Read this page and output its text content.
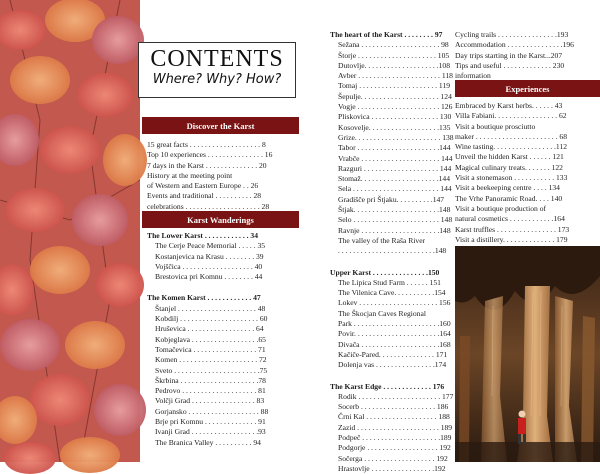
CONTENTS
Where? Why? How?
Discover the Karst
15 great facts . . . . . . . . . . . . . . . . . . . 8
Top 10 experiences . . . . . . . . . . . . . . . 16
7 days in the Karst . . . . . . . . . . . . . . 20
History at the meeting point
of Western and Eastern Europe . . 26
Events and traditional . . . . . . . . . . 28
celebrations . . . . . . . . . . . . . . . . . . . . 28
Karst Wanderings
The Lower Karst . . . . . . . . . . . . 34
The Cerje Peace Memorial . . . . . 35
Kostanjevica na Krasu . . . . . . . . 39
Vojščica . . . . . . . . . . . . . . . . . . . 40
Brestovica pri Komnu . . . . . . . . 44
The Komen Karst . . . . . . . . . . . . 47
Štanjel . . . . . . . . . . . . . . . . . . . . . 48
Kobdilj . . . . . . . . . . . . . . . . . . . . . 60
Hruševica . . . . . . . . . . . . . . . . . . 64
Kobjeglava . . . . . . . . . . . . . . . . . .65
Tomačevica . . . . . . . . . . . . . . . . . 71
Komen . . . . . . . . . . . . . . . . . . . . . 72
Sveto . . . . . . . . . . . . . . . . . . . . . . .75
Škrbina . . . . . . . . . . . . . . . . . . . . .78
Pedrovo . . . . . . . . . . . . . . . . . . . . 81
Volčji Grad . . . . . . . . . . . . . . . . . 83
Gorjansko . . . . . . . . . . . . . . . . . . . 88
Brje pri Komnu . . . . . . . . . . . . . . 91
Ivanji Grad . . . . . . . . . . . . . . . . . .93
The Branica Valley . . . . . . . . . . 94
The heart of the Karst . . . . . . . . 97
Sežana . . . . . . . . . . . . . . . . . . . . . 98
Štorje . . . . . . . . . . . . . . . . . . . . . 105
Dutovlje. . . . . . . . . . . . . . . . . . . .108
Avber . . . . . . . . . . . . . . . . . . . . . . 118
Tomaj . . . . . . . . . . . . . . . . . . . . . 119
Šepulje. . . . . . . . . . . . . . . . . . . . . 124
Vogje . . . . . . . . . . . . . . . . . . . . . . 126
Pliskovica . . . . . . . . . . . . . . . . . . 130
Kosovelje. . . . . . . . . . . . . . . . . . .135
Grize. . . . . . . . . . . . . . . . . . . . . . . 138
Tabor . . . . . . . . . . . . . . . . . . . . . .144
Vrabče . . . . . . . . . . . . . . . . . . . . . 144
Razguri . . . . . . . . . . . . . . . . . . . . 144
Stomaž. . . . . . . . . . . . . . . . . . . . .144
Sela . . . . . . . . . . . . . . . . . . . . . . . 144
Gradišče pri Štjaku. . . . . . . . . .147
Štjak. . . . . . . . . . . . . . . . . . . . . . .148
Selo . . . . . . . . . . . . . . . . . . . . . . . 148
Ravnje . . . . . . . . . . . . . . . . . . . . .148
The valley of the Raša River
. . . . . . . . . . . . . . . . . . . . . . . . . .148
Upper Karst . . . . . . . . . . . . . . .150
The Lipica Stud Farm . . . . . . 151
The Vilenica Cave. . . . . . . . . . .154
Lokev . . . . . . . . . . . . . . . . . . . . . 156
The Škocjan Caves Regional
Park . . . . . . . . . . . . . . . . . . . . . . .160
Povir. . . . . . . . . . . . . . . . . . . . . . .164
Divača . . . . . . . . . . . . . . . . . . . . .168
Kačiče-Pared. . . . . . . . . . . . . . . 171
Dolenja vas . . . . . . . . . . . . . . . .174
The Karst Edge . . . . . . . . . . . . . 176
Rodik . . . . . . . . . . . . . . . . . . . . . . 177
Socerb . . . . . . . . . . . . . . . . . . . . 186
Črni Kal . . . . . . . . . . . . . . . . . . . 188
Zazid . . . . . . . . . . . . . . . . . . . . . . 189
Podpeč . . . . . . . . . . . . . . . . . . . . .189
Podgorje . . . . . . . . . . . . . . . . . . . 192
Sočerga . . . . . . . . . . . . . . . . . . . 192
Hrastovlje . . . . . . . . . . . . . . . . .192
Cycling trails . . . . . . . . . . . . . . . .193
Accommodation . . . . . . . . . . . . . . .196
Day trips starting in the Karst...207
Tips and useful . . . . . . . . . . . . . 230
information
Experiences
Embraced by Karst herbs. . . . . . 43
Villa Fabiani. . . . . . . . . . . . . . . . . 62
Visit a boutique prosciutto
maker . . . . . . . . . . . . . . . . . . . . . . 68
Wine tasting. . . . . . . . . . . . . . . . .112
Unveil the hidden Karst . . . . . . 121
Magical culinary treats. . . . . . . 122
Visit a stonemason . . . . . . . . . . . 133
Visit a beekeeping centre . . . . 134
The Vrhe Panoramic Road. . . . 140
Visit a boutique production of
natural cosmetics . . . . . . . . . . . .164
Karst truffles . . . . . . . . . . . . . . . . 173
Visit a distillery. . . . . . . . . . . . . . 179
